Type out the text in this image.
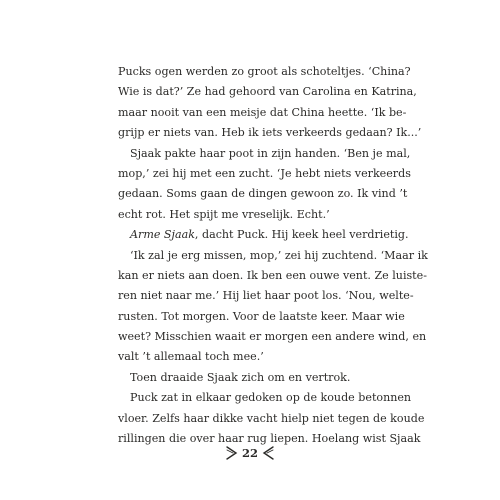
Pucks ogen werden zo groot als schoteltjes. ‘China?
Wie is dat?’ Ze had gehoord van Carolina en Katrina,
maar nooit van een meisje dat China heette. ‘Ik be-
grijp er niets van. Heb ik iets verkeerds gedaan? Ik...’
Sjaak pakte haar poot in zijn handen. ‘Ben je mal,
mop,’ zei hij met een zucht. ‘Je hebt niets verkeerds
gedaan. Soms gaan de dingen gewoon zo. Ik vind ’t
echt rot. Het spijt me vreselijk. Echt.’
Arme Sjaak, dacht Puck. Hij keek heel verdrietig.
‘Ik zal je erg missen, mop,’ zei hij zuchtend. ‘Maar ik
kan er niets aan doen. Ik ben een ouwe vent. Ze luiste-
ren niet naar me.’ Hij liet haar poot los. ‘Nou, welte-
rusten. Tot morgen. Voor de laatste keer. Maar wie
weet? Misschien waait er morgen een andere wind, en
valt ’t allemaal toch mee.’
Toen draaide Sjaak zich om en vertrok.
Puck zat in elkaar gedoken op de koude betonnen
vloer. Zelfs haar dikke vacht hielp niet tegen de koude
rillingen die over haar rug liepen. Hoelang wist Sjaak
22
